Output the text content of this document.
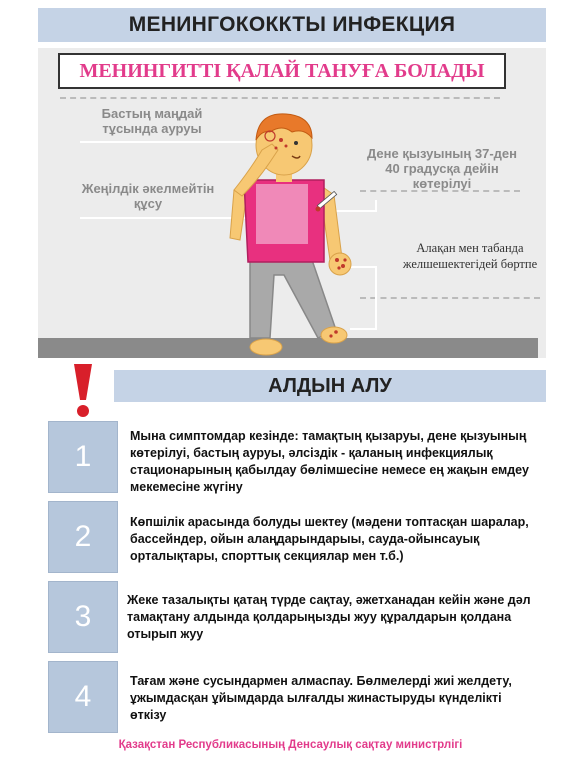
МЕНИНГОКОККТЫ ИНФЕКЦИЯ
МЕНИНГИТТІ ҚАЛАЙ ТАНУҒА БОЛАДЫ
Бастың маңдай тұсында ауруы
Жеңілдік әкелмейтін құсу
Дене қызуының 37-ден 40 градусқа дейін көтерілуі
Алақан мен табанда желшешектегідей бөртпе
АЛДЫН АЛУ
1
Мына симптомдар кезінде: тамақтың қызаруы, дене қызуының көтерілуі, бастың ауруы, әлсіздік - қаланың инфекциялық стационарының қабылдау бөлімшесіне немесе ең жақын емдеу мекемесіне жүгіну
2	Көпшілік арасында болуды шектеу (мәдени топтасқан шаралар, бассейндер, ойын алаңдарындарыы, сауда-ойынсауық орталықтары, спорттық секциялар мен т.б.)
3	Жеке тазалықты қатаң түрде сақтау, әжетханадан кейін және дәл тамақтану алдында қолдарыңызды жуу құралдарын қолдана отырып жуу
4	Тағам және сусындармен алмаспау. Бөлмелерді жиі желдету, ұжымдасқан ұйымдарда ылғалды жинастыруды күнделікті өткізу
Қазақстан Республикасының Денсаулық сақтау министрлігі
